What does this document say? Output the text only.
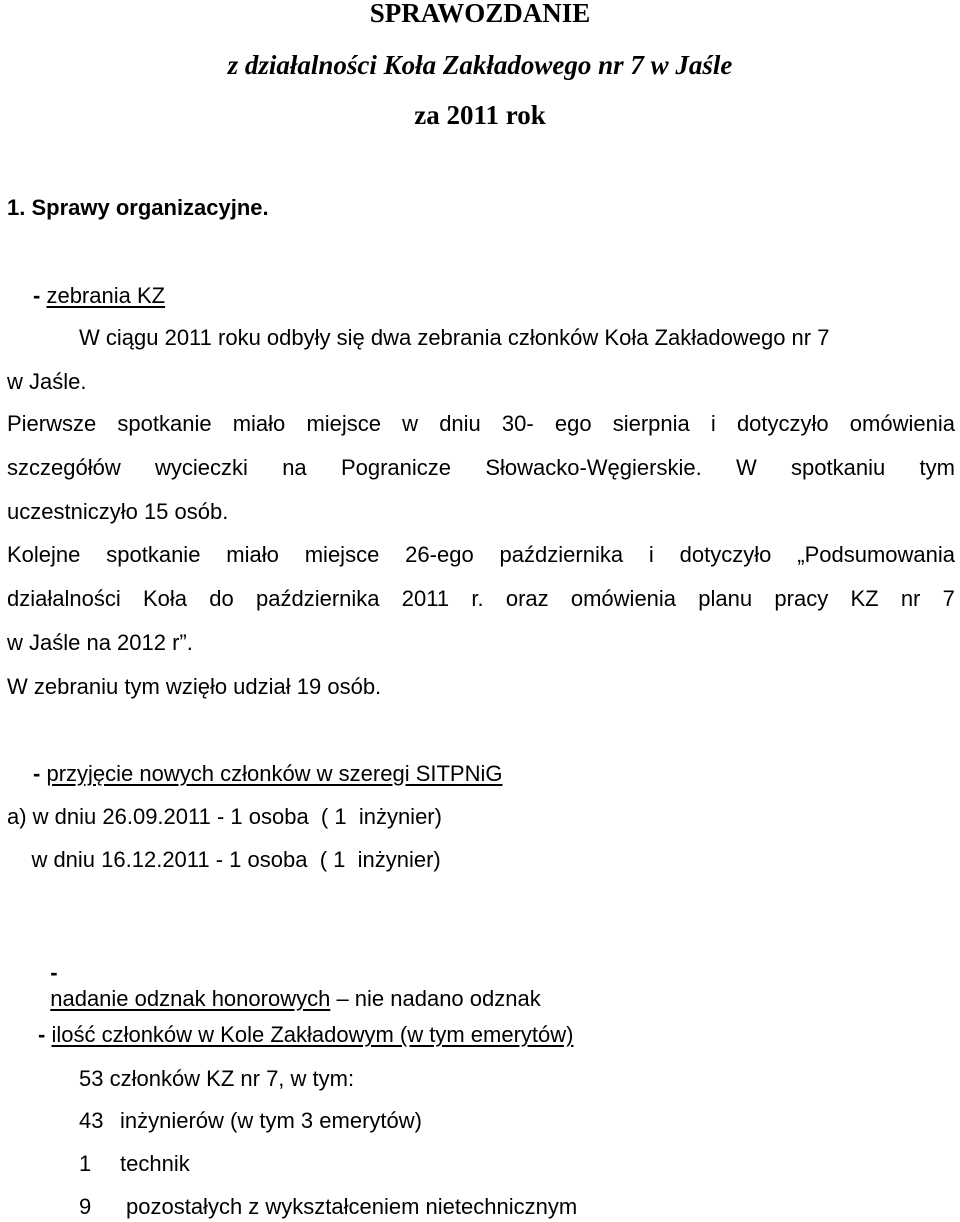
SPRAWOZDANIE
z działalności Koła Zakładowego nr 7 w Jaśle
za 2011 rok
1. Sprawy organizacyjne.
- zebrania KZ
W ciągu 2011 roku odbyły się dwa zebrania członków Koła Zakładowego nr 7
w Jaśle.
Pierwsze spotkanie miało miejsce w dniu 30- ego sierpnia i dotyczyło omówienia
szczegółów wycieczki na Pogranicze Słowacko-Węgierskie. W spotkaniu tym
uczestniczyło 15 osób.
Kolejne spotkanie miało miejsce 26-ego października i dotyczyło „Podsumowania
działalności Koła do października 2011 r. oraz omówienia planu pracy KZ nr 7
w Jaśle na 2012 r”.
W zebraniu tym wzięło udział 19 osób.
- przyjęcie nowych członków w szeregi SITPNiG
a) w dniu 26.09.2011 - 1 osoba  ( 1  inżynier)
w dniu 16.12.2011 - 1 osoba  ( 1  inżynier)

-
nadanie odznak honorowych – nie nadano odznak

- ilość członków w Kole Zakładowym (w tym emerytów)
53 członków KZ nr 7, w tym:
43 inżynierów (w tym 3 emerytów)
1 technik
9 pozostałych z wykształceniem nietechnicznym
